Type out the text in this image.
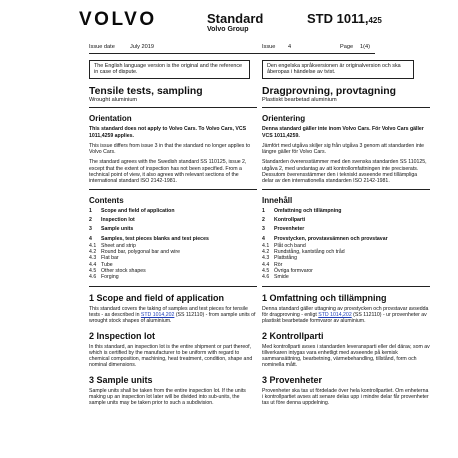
VOLVO	Standard
Volvo Group
STD 1011,425
Issue date	July 2019	Issue 4	Page 1(4)
The English language version is the original and the reference in case of dispute.
Den engelska språkversionen är originalversion och ska åberopas i händelse av tvist.

Tensile tests, sampling

Wrought aluminium

Orientation

This standard does not apply to Volvo Cars. To Volvo Cars, VCS 1011,4259 applies.

This issue differs from issue 3 in that the standard no longer applies to Volvo Cars.

The standard agrees with the Swedish standard SS 110125, issue 2, except that the extent of inspection has not been specified. From a technical point of view, it also agrees with relevant sections of the international standard ISO 2142-1981.

Contents

1	Scope and field of application
2	Inspection lot
3	Sample units
4	Samples, test pieces blanks and test pieces
4.1 Sheet and strip
4.2 Round bar, polygonal bar and wire
4.3 Flat bar
4.4 Tube
4.5 Other stock shapes
4.6 Forging

1 Scope and field of application

This standard covers the taking of samples and test pieces for tensile tests - as described in STD 1014,202 (SS 112110) - from sample units of wrought stock shapes of aluminium.

2 Inspection lot

In this standard, an inspection lot is the entire shipment or part thereof, which is certified by the manufacturer to be uniform with regard to chemical composition, machining, heat treatment, condition, shape and nominal dimensions.

3 Sample units

Sample units shall be taken from the entire inspection lot. If the units making up an inspection lot later will be divided into sub-units, the sample units may be taken prior to such a subdivision.

Dragprovning, provtagning

Plastiskt bearbetad aluminium

Orientering

Denna standard gäller inte inom Volvo Cars. För Volvo Cars gäller VCS 1011,4259.

Jämfört med utgåva skiljer sig från utgåva 3 genom att standarden inte längre gäller för Volvo Cars.

Standarden överensstämmer med den svenska standarden SS 110125, utgåva 2, med undantag av att kontrollomfattningen inte preciserats. Dessutom överensstämmer den i tekniskt avseende med tillämpliga delar av den internationella standarden ISO 2142-1981.

Innehåll

1	Omfattning och tillämpning
2	Kontrollparti
3	Provenheter
4	Provstycken, provstavsämnen och provstavar
4.1 Plåt och band
4.2 Rundstång, kantstång och tråd
4.3 Plattstång
4.4 Rör
4.5 Övriga formvaror
4.6 Smide

1 Omfattning och tillämpning

Denna standard gäller uttagning av provstycken och provstavar avsedda för dragprovning - enligt STD 1014,202 (SS 112110) - ur provenheter av plastiskt bearbetade formvaror av aluminium.

2 Kontrollparti

Med kontrollparti avses i standarden leveransparti eller del därav, som av tillverkaren intygas vara enhetligt med avseende på kemisk sammansättning, bearbetning, värmebehandling, tillstånd, form och nominella mått.

3 Provenheter

Provenheter ska tas ut fördelade över hela kontrollpartiet. Om enheterna i kontrollpartiet avses att senare delas upp i mindre delar får provenheter tas ut före denna uppdelning.
